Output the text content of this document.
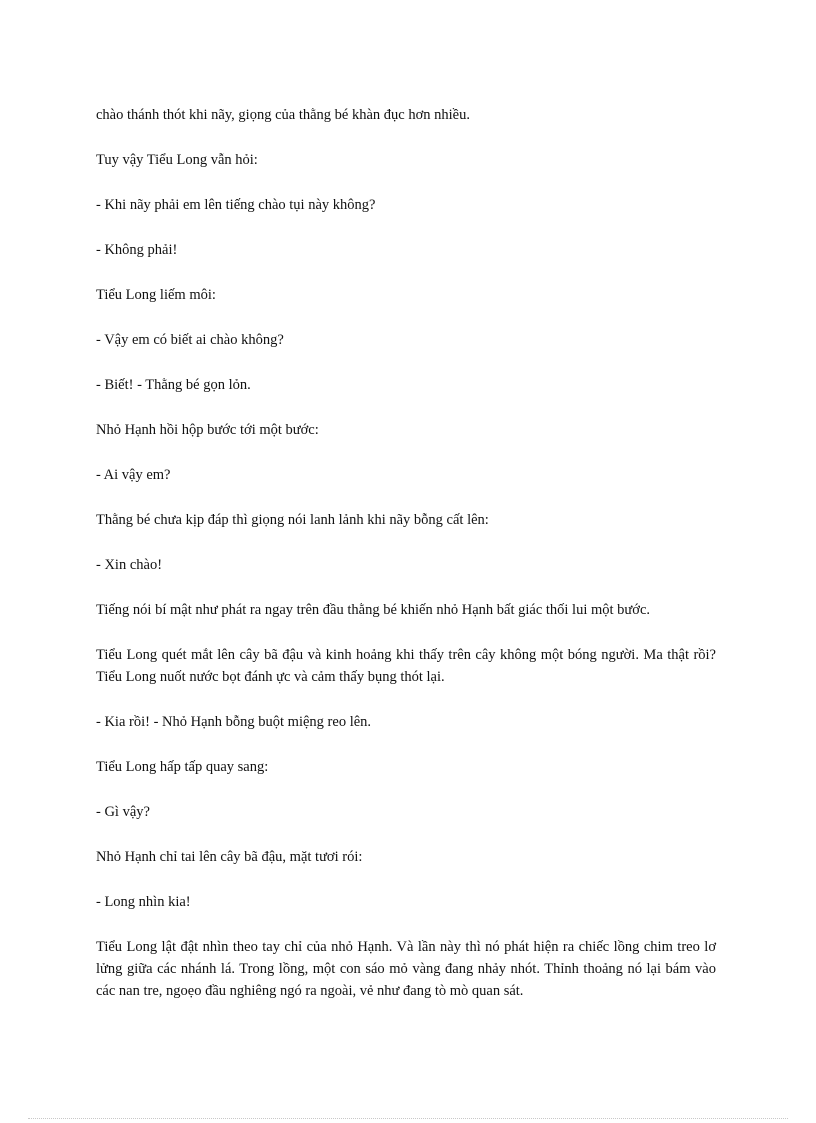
chào thánh thót khi nãy, giọng của thằng bé khàn đục hơn nhiều.

Tuy vậy Tiểu Long vẫn hỏi:

- Khi nãy phải em lên tiếng chào tụi này không?

- Không phải!

Tiểu Long liếm môi:

- Vậy em có biết ai chào không?

- Biết! - Thằng bé gọn lỏn.

Nhỏ Hạnh hồi hộp bước tới một bước:

- Ai vậy em?

Thằng bé chưa kịp đáp thì giọng nói lanh lảnh khi nãy bỗng cất lên:

- Xin chào!

Tiếng nói bí mật như phát ra ngay trên đầu thằng bé khiến nhỏ Hạnh bất giác thối lui một bước.

Tiểu Long quét mắt lên cây bã đậu và kinh hoảng khi thấy trên cây không một bóng người. Ma thật rồi? Tiểu Long nuốt nước bọt đánh ực và cảm thấy bụng thót lại.

- Kia rồi! - Nhỏ Hạnh bỗng buột miệng reo lên.

Tiểu Long hấp tấp quay sang:

- Gì vậy?

Nhỏ Hạnh chỉ tai lên cây bã đậu, mặt tươi rói:

- Long nhìn kia!

Tiểu Long lật đật nhìn theo tay chỉ của nhỏ Hạnh. Và lần này thì nó phát hiện ra chiếc lồng chim treo lơ lửng giữa các nhánh lá. Trong lồng, một con sáo mỏ vàng đang nhảy nhót. Thỉnh thoảng nó lại bám vào các nan tre, ngoẹo đầu nghiêng ngó ra ngoài, vẻ như đang tò mò quan sát.
